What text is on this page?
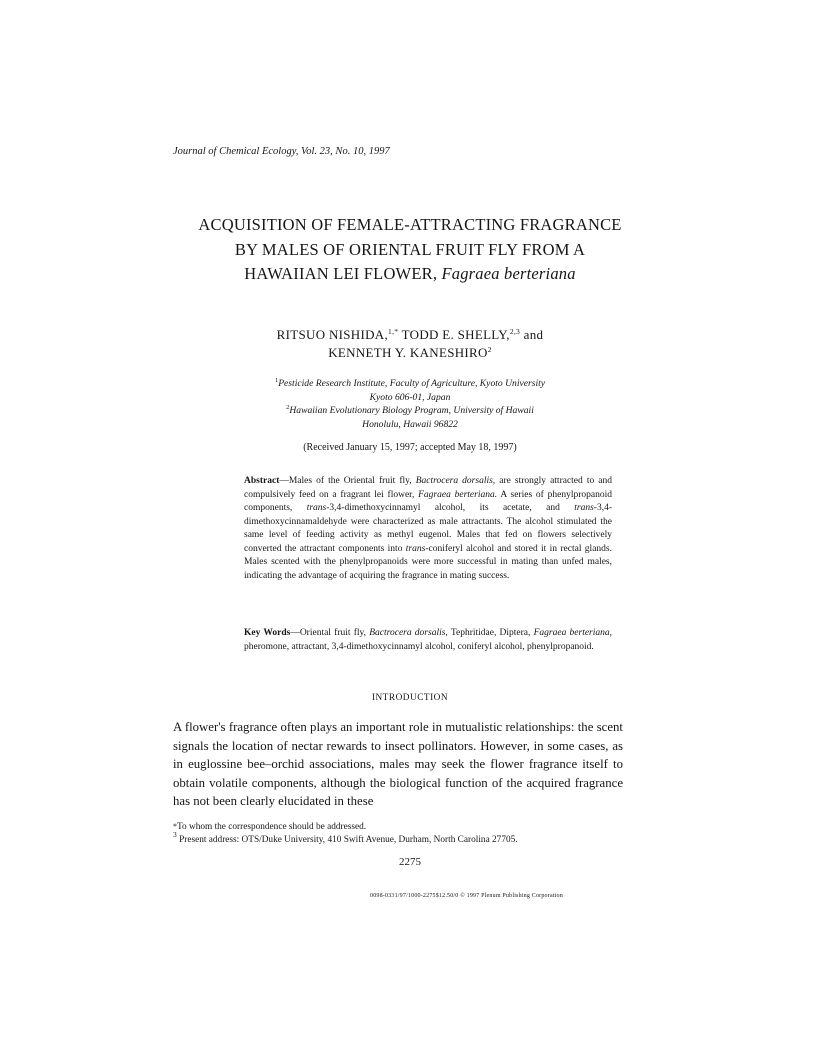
Journal of Chemical Ecology, Vol. 23, No. 10, 1997
ACQUISITION OF FEMALE-ATTRACTING FRAGRANCE
BY MALES OF ORIENTAL FRUIT FLY FROM A
HAWAIIAN LEI FLOWER, Fagraea berteriana
RITSUO NISHIDA,$^{1,*}$ TODD E. SHELLY,$^{2,3}$ and
KENNETH Y. KANESHIRO$^2$
$^1$Pesticide Research Institute, Faculty of Agriculture, Kyoto University
Kyoto 606-01, Japan
$^2$Hawaiian Evolutionary Biology Program, University of Hawaii
Honolulu, Hawaii 96822
(Received January 15, 1997; accepted May 18, 1997)
Abstract—Males of the Oriental fruit fly, Bactrocera dorsalis, are strongly attracted to and compulsively feed on a fragrant lei flower, Fagraea berteriana. A series of phenylpropanoid components, trans-3,4-dimethoxycinnamyl alcohol, its acetate, and trans-3,4-dimethoxycinnamaldehyde were characterized as male attractants. The alcohol stimulated the same level of feeding activity as methyl eugenol. Males that fed on flowers selectively converted the attractant components into trans-coniferyl alcohol and stored it in rectal glands. Males scented with the phenylpropanoids were more successful in mating than unfed males, indicating the advantage of acquiring the fragrance in mating success.
Key Words—Oriental fruit fly, Bactrocera dorsalis, Tephritidae, Diptera, Fagraea berteriana, pheromone, attractant, 3,4-dimethoxycinnamyl alcohol, coniferyl alcohol, phenylpropanoid.
INTRODUCTION
A flower's fragrance often plays an important role in mutualistic relationships: the scent signals the location of nectar rewards to insect pollinators. However, in some cases, as in euglossine bee–orchid associations, males may seek the flower fragrance itself to obtain volatile components, although the biological function of the acquired fragrance has not been clearly elucidated in these
*To whom the correspondence should be addressed.
$^3$ Present address: OTS/Duke University, 410 Swift Avenue, Durham, North Carolina 27705.
2275
0098-0331/97/1000-2275$12.50/0 © 1997 Plenum Publishing Corporation
